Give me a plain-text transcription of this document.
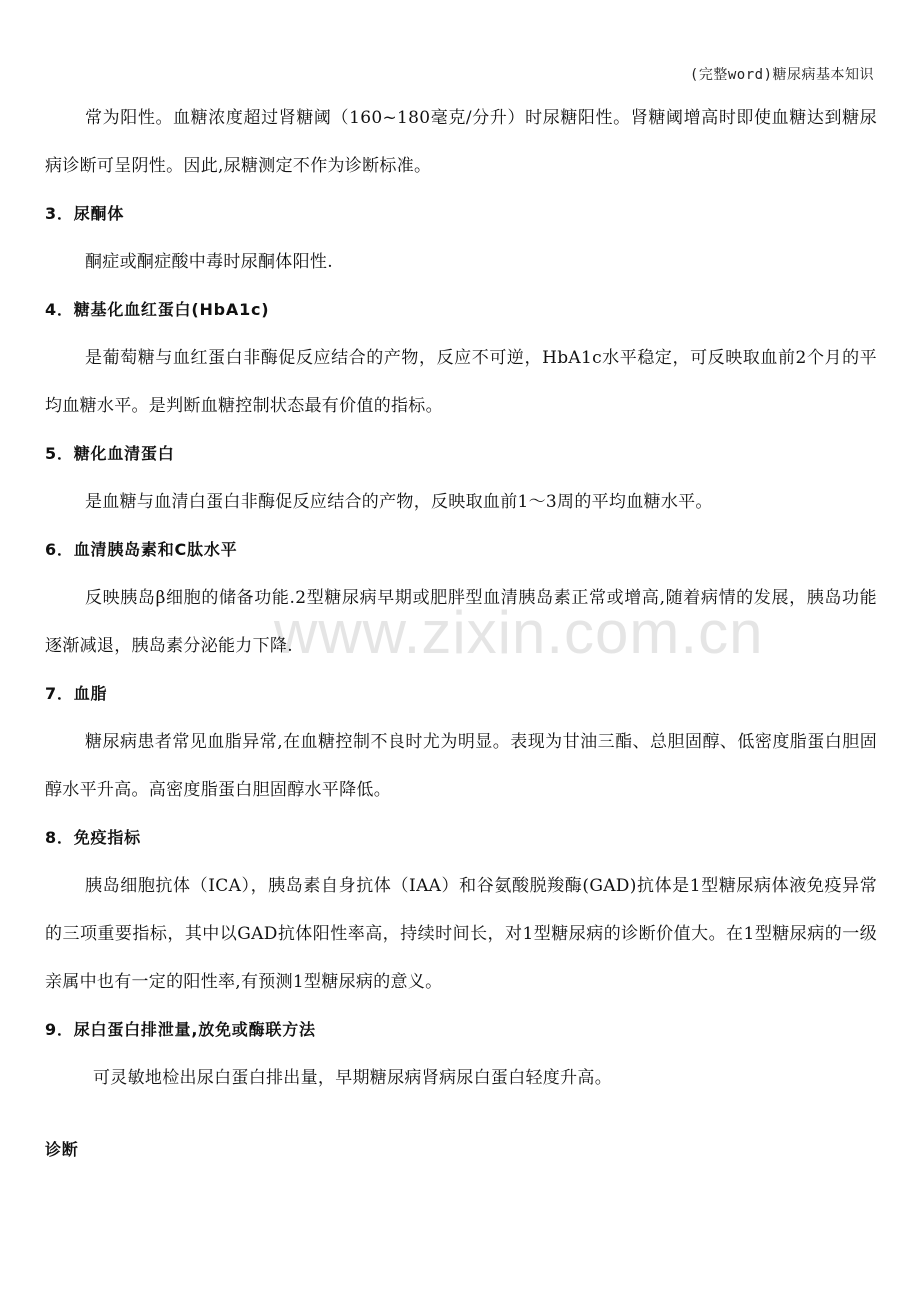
(完整word)糖尿病基本知识
www.zixin.com.cn

常为阳性。血糖浓度超过肾糖阈（160~180毫克/分升）时尿糖阳性。肾糖阈增高时即使血糖达到糖尿病诊断可呈阴性。因此,尿糖测定不作为诊断标准。

3．尿酮体

酮症或酮症酸中毒时尿酮体阳性.

4．糖基化血红蛋白(HbA1c)

是葡萄糖与血红蛋白非酶促反应结合的产物，反应不可逆，HbA1c水平稳定，可反映取血前2个月的平均血糖水平。是判断血糖控制状态最有价值的指标。

5．糖化血清蛋白

是血糖与血清白蛋白非酶促反应结合的产物，反映取血前1～3周的平均血糖水平。

6．血清胰岛素和C肽水平

反映胰岛β细胞的储备功能.2型糖尿病早期或肥胖型血清胰岛素正常或增高,随着病情的发展，胰岛功能逐渐减退，胰岛素分泌能力下降.

7．血脂

糖尿病患者常见血脂异常,在血糖控制不良时尤为明显。表现为甘油三酯、总胆固醇、低密度脂蛋白胆固醇水平升高。高密度脂蛋白胆固醇水平降低。

8．免疫指标

胰岛细胞抗体（ICA），胰岛素自身抗体（IAA）和谷氨酸脱羧酶(GAD)抗体是1型糖尿病体液免疫异常的三项重要指标，其中以GAD抗体阳性率高，持续时间长，对1型糖尿病的诊断价值大。在1型糖尿病的一级亲属中也有一定的阳性率,有预测1型糖尿病的意义。

9．尿白蛋白排泄量,放免或酶联方法

可灵敏地检出尿白蛋白排出量，早期糖尿病肾病尿白蛋白轻度升高。

诊断
